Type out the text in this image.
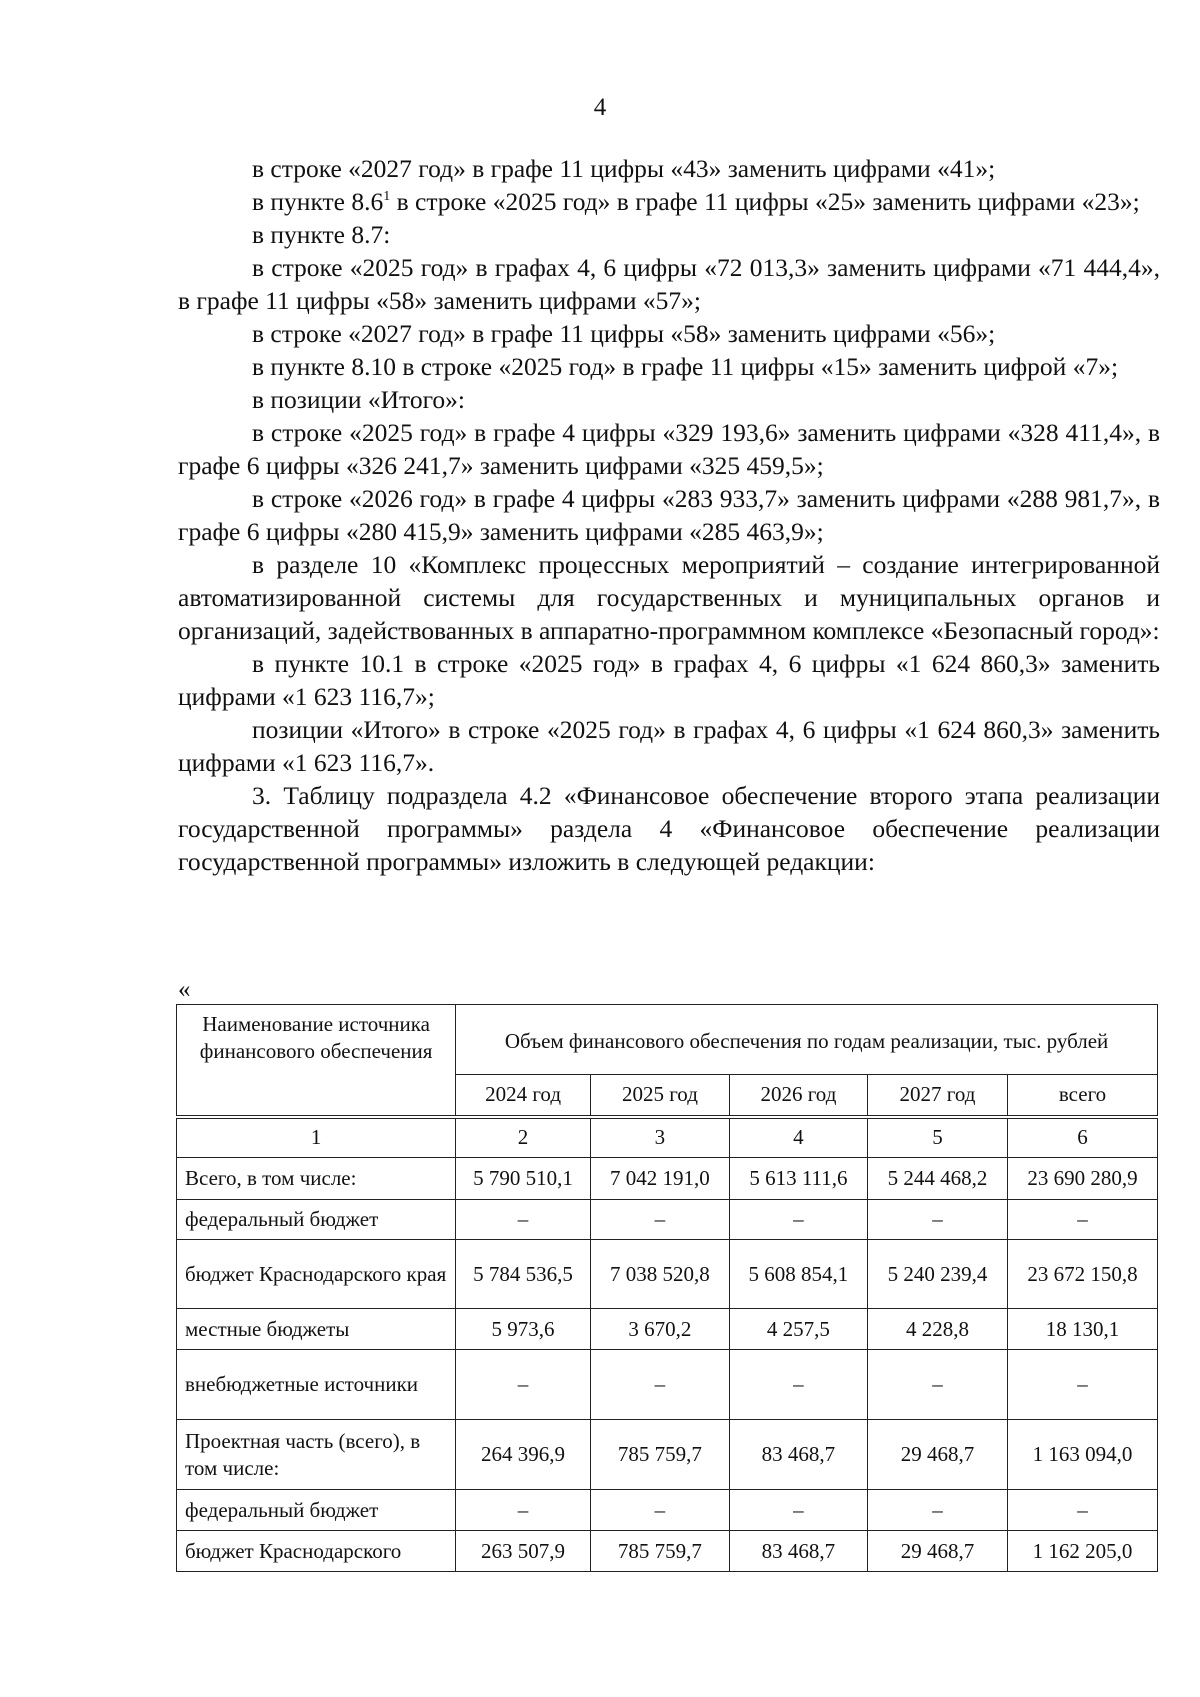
4

в строке «2027 год» в графе 11 цифры «43» заменить цифрами «41»;

в пункте $8.6^1$ в строке «2025 год» в графе 11 цифры «25» заменить цифрами «23»;

в пункте 8.7:

в строке «2025 год» в графах 4, 6 цифры «72 013,3» заменить цифрами «71 444,4», в графе 11 цифры «58» заменить цифрами «57»;

в строке «2027 год» в графе 11 цифры «58» заменить цифрами «56»;

в пункте 8.10 в строке «2025 год» в графе 11 цифры «15» заменить цифрой «7»;

в позиции «Итого»:

в строке «2025 год» в графе 4 цифры «329 193,6» заменить цифрами «328 411,4», в графе 6 цифры «326 241,7» заменить цифрами «325 459,5»;

в строке «2026 год» в графе 4 цифры «283 933,7» заменить цифрами «288 981,7», в графе 6 цифры «280 415,9» заменить цифрами «285 463,9»;

в разделе 10 «Комплекс процессных мероприятий – создание интегрированной автоматизированной системы для государственных и муниципальных органов и организаций, задействованных в аппаратно-программном комплексе «Безопасный город»:

в пункте 10.1 в строке «2025 год» в графах 4, 6 цифры «1 624 860,3» заменить цифрами «1 623 116,7»;

позиции «Итого» в строке «2025 год» в графах 4, 6 цифры «1 624 860,3» заменить цифрами «1 623 116,7».

3. Таблицу подраздела 4.2 «Финансовое обеспечение второго этапа реализации государственной программы» раздела 4 «Финансовое обеспечение реализации государственной программы» изложить в следующей редакции:

«
Наименование источника финансового обеспечения	Объем финансового обеспечения по годам реализации, тыс. рублей				
	2024 год	2025 год	2026 год	2027 год	всего
1	2	3	4	5	6
Всего, в том числе:	5 790 510,1	7 042 191,0	5 613 111,6	5 244 468,2	23 690 280,9
федеральный бюджет	–	–	–	–	–
бюджет Краснодарского края	5 784 536,5	7 038 520,8	5 608 854,1	5 240 239,4	23 672 150,8
местные бюджеты	5 973,6	3 670,2	4 257,5	4 228,8	18 130,1
внебюджетные источники	–	–	–	–	–
Проектная часть (всего), в том числе:	264 396,9	785 759,7	83 468,7	29 468,7	1 163 094,0
федеральный бюджет	–	–	–	–	–
бюджет Краснодарского	263 507,9	785 759,7	83 468,7	29 468,7	1 162 205,0
